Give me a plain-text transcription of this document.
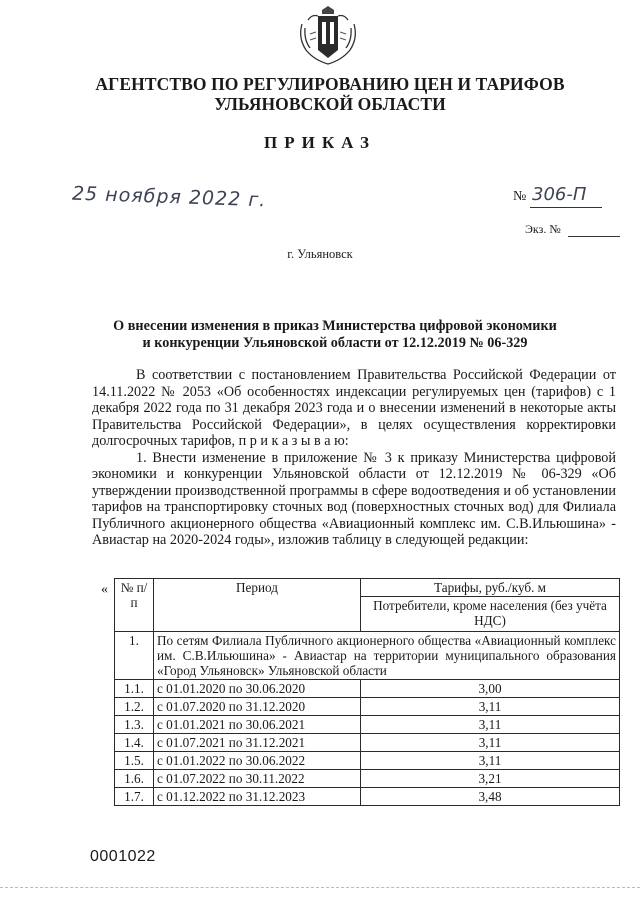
АГЕНТСТВО ПО РЕГУЛИРОВАНИЮ ЦЕН И ТАРИФОВ
УЛЬЯНОВСКОЙ ОБЛАСТИ
ПРИКАЗ
25 ноября 2022 г.	№ 306-П
Экз. №
г. Ульяновск
О внесении изменения в приказ Министерства цифровой экономики
и конкуренции Ульяновской области от 12.12.2019 № 06-329

В соответствии с постановлением Правительства Российской Федерации от 14.11.2022 № 2053 «Об особенностях индексации регулируемых цен (тарифов) с 1 декабря 2022 года по 31 декабря 2023 года и о внесении изменений в некоторые акты Правительства Российской Федерации», в целях осуществления корректировки долгосрочных тарифов, п р и к а з ы в а ю:

1. Внести изменение в приложение № 3 к приказу Министерства цифровой экономики и конкуренции Ульяновской области от 12.12.2019 № 06-329 «Об утверждении производственной программы в сфере водоотведения и об установлении тарифов на транспортировку сточных вод (поверхностных сточных вод) для Филиала Публичного акционерного общества «Авиационный комплекс им. С.В.Ильюшина» - Авиастар на 2020-2024 годы», изложив таблицу в следующей редакции:

« № п/п	Период	Тарифы, руб./куб. м
		Потребители, кроме населения (без учёта НДС)
1.	По сетям Филиала Публичного акционерного общества «Авиационный комплекс им. С.В.Ильюшина» - Авиастар на территории муниципального образования «Город Ульяновск» Ульяновской области	
1.1.	с 01.01.2020 по 30.06.2020	3,00
1.2.	с 01.07.2020 по 31.12.2020	3,11
1.3.	с 01.01.2021 по 30.06.2021	3,11
1.4.	с 01.07.2021 по 31.12.2021	3,11
1.5.	с 01.01.2022 по 30.06.2022	3,11
1.6.	с 01.07.2022 по 30.11.2022	3,21
1.7.	с 01.12.2022 по 31.12.2023	3,48
0001022
